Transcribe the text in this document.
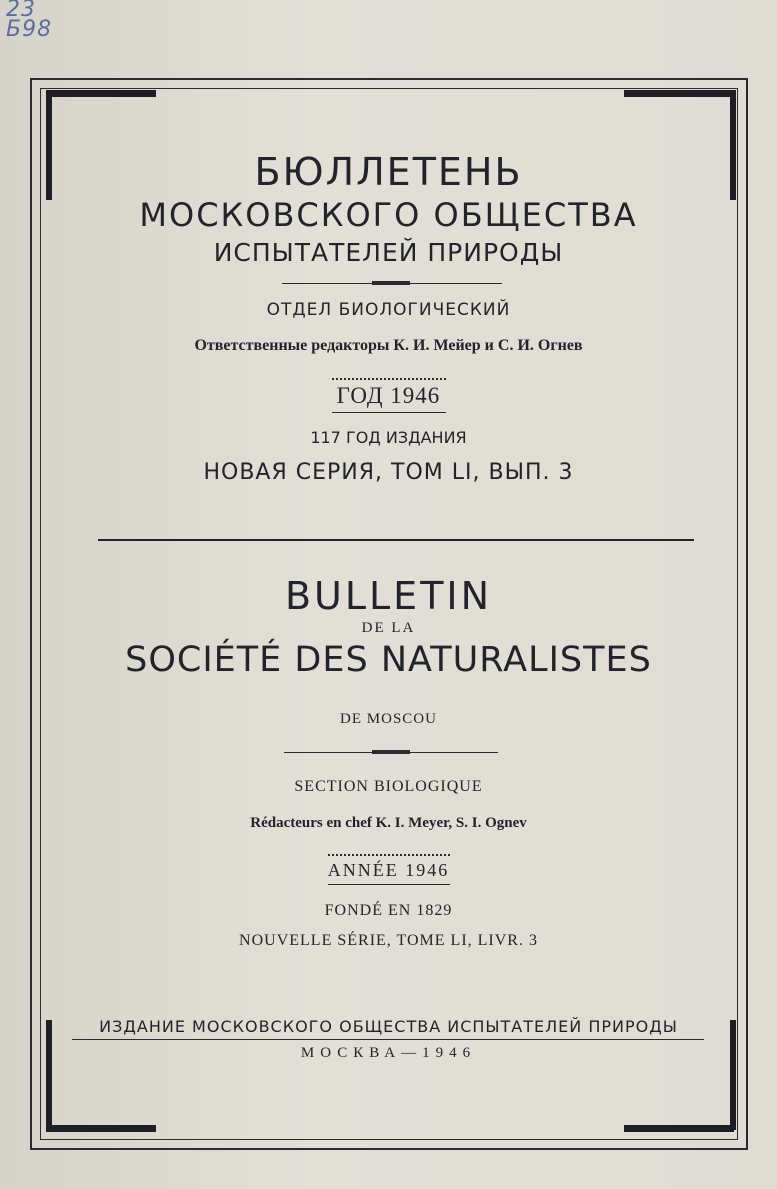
23
Б98
БЮЛЛЕТЕНЬ
МОСКОВСКОГО ОБЩЕСТВА
ИСПЫТАТЕЛЕЙ ПРИРОДЫ
ОТДЕЛ БИОЛОГИЧЕСКИЙ
Ответственные редакторы К. И. Мейер и С. И. Огнев
ГОД 1946
117 ГОД ИЗДАНИЯ
НОВАЯ СЕРИЯ, ТОМ LI, ВЫП. 3
BULLETIN
DE LA
SOCIÉTÉ DES NATURALISTES
DE MOSCOU
SECTION BIOLOGIQUE
Rédacteurs en chef K. I. Meyer, S. I. Ognev
ANNÉE 1946
FONDÉ EN 1829
NOUVELLE SÉRIE, TOME LI, LIVR. 3
ИЗДАНИЕ МОСКОВСКОГО ОБЩЕСТВА ИСПЫТАТЕЛЕЙ ПРИРОДЫ
МОСКВА—1946
